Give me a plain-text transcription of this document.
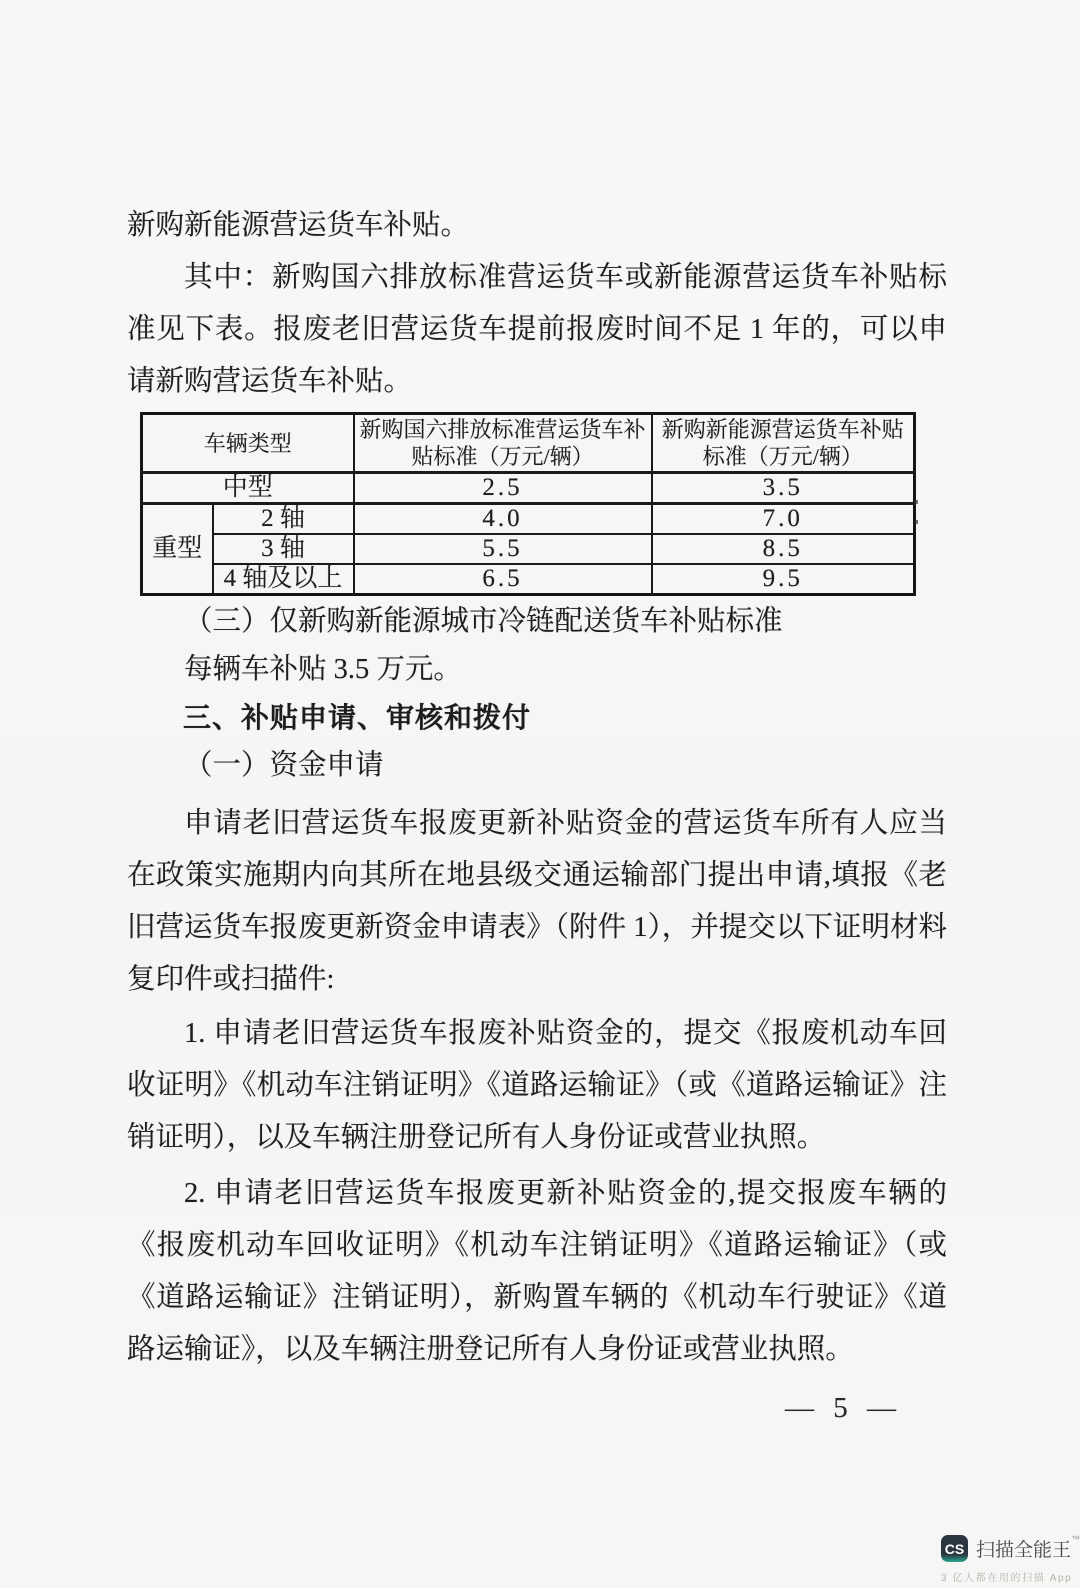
新购新能源营运货车补贴。

其中：新购国六排放标准营运货车或新能源营运货车补贴标准见下表。报废老旧营运货车提前报废时间不足 1 年的，可以申请新购营运货车补贴。

车辆类型		新购国六排放标准营运货车补贴标准（万元/辆）	新购新能源营运货车补贴标准（万元/辆）
中型		2.5	3.5
重型	2 轴	4.0	7.0
	3 轴	5.5	8.5
	4 轴及以上	6.5	9.5

（三）仅新购新能源城市冷链配送货车补贴标准

每辆车补贴 3.5 万元。

三、补贴申请、审核和拨付

（一）资金申请

申请老旧营运货车报废更新补贴资金的营运货车所有人应当在政策实施期内向其所在地县级交通运输部门提出申请,填报《老旧营运货车报废更新资金申请表》（附件 1），并提交以下证明材料复印件或扫描件:

1. 申请老旧营运货车报废补贴资金的，提交《报废机动车回收证明》《机动车注销证明》《道路运输证》（或《道路运输证》注销证明），以及车辆注册登记所有人身份证或营业执照。

2. 申请老旧营运货车报废更新补贴资金的,提交报废车辆的《报废机动车回收证明》《机动车注销证明》《道路运输证》（或《道路运输证》注销证明），新购置车辆的《机动车行驶证》《道路运输证》，以及车辆注册登记所有人身份证或营业执照。

— 5 —
CS 扫描全能王™
3 亿人都在用的扫描 App
